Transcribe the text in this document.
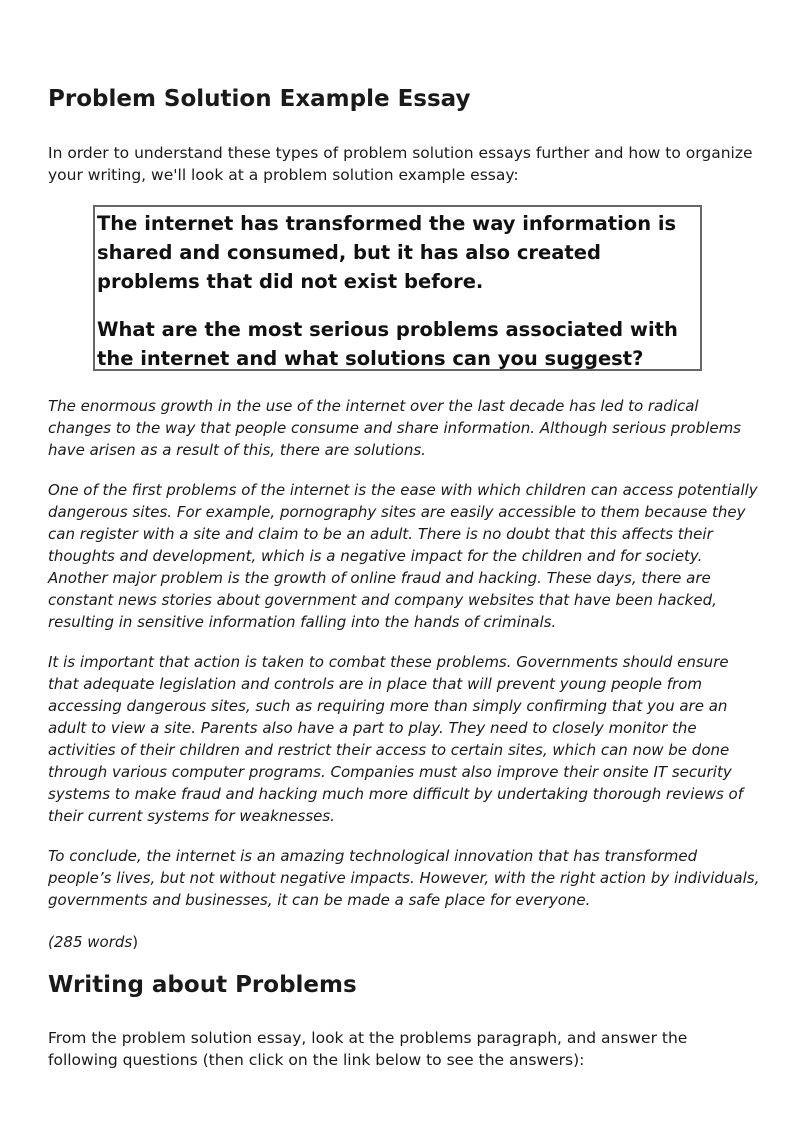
Problem Solution Example Essay

In order to understand these types of problem solution essays further and how to organize your writing, we'll look at a problem solution example essay:

The internet has transformed the way information is shared and consumed, but it has also created problems that did not exist before.

What are the most serious problems associated with the internet and what solutions can you suggest?

The enormous growth in the use of the internet over the last decade has led to radical changes to the way that people consume and share information. Although serious problems have arisen as a result of this, there are solutions.

One of the first problems of the internet is the ease with which children can access potentially dangerous sites. For example, pornography sites are easily accessible to them because they can register with a site and claim to be an adult. There is no doubt that this affects their thoughts and development, which is a negative impact for the children and for society. Another major problem is the growth of online fraud and hacking. These days, there are constant news stories about government and company websites that have been hacked, resulting in sensitive information falling into the hands of criminals.

It is important that action is taken to combat these problems. Governments should ensure that adequate legislation and controls are in place that will prevent young people from accessing dangerous sites, such as requiring more than simply confirming that you are an adult to view a site. Parents also have a part to play. They need to closely monitor the activities of their children and restrict their access to certain sites, which can now be done through various computer programs. Companies must also improve their onsite IT security systems to make fraud and hacking much more difficult by undertaking thorough reviews of their current systems for weaknesses.

To conclude, the internet is an amazing technological innovation that has transformed people’s lives, but not without negative impacts. However, with the right action by individuals, governments and businesses, it can be made a safe place for everyone.

(285 words)

Writing about Problems

From the problem solution essay, look at the problems paragraph, and answer the following questions (then click on the link below to see the answers):
